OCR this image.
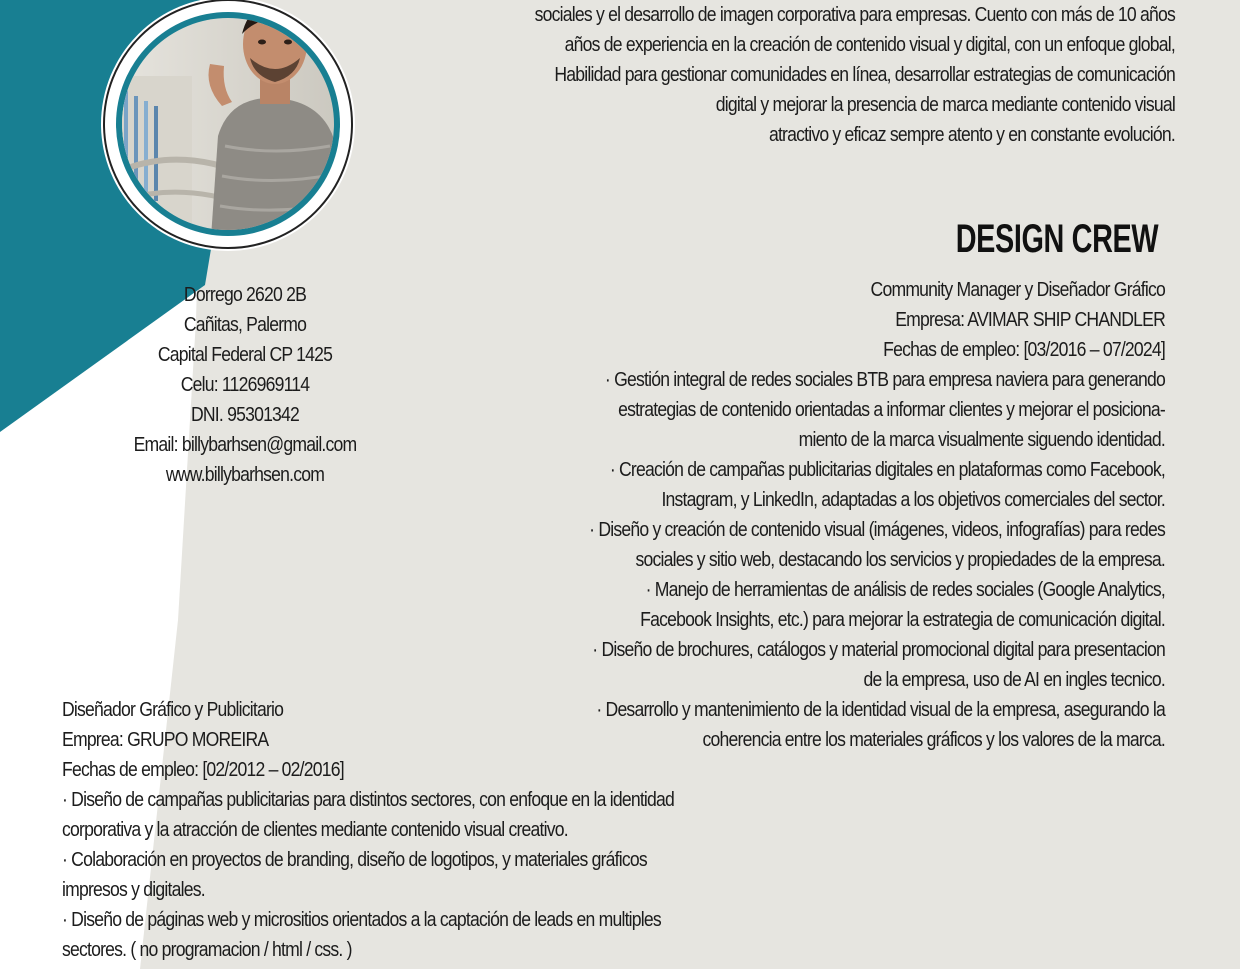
sociales y el desarrollo de imagen corporativa para empresas. Cuento con más de 10 años
años de experiencia en la creación de contenido visual y digital, con un enfoque global,
Habilidad para gestionar comunidades en línea, desarrollar estrategias de comunicación
digital y mejorar la presencia de marca mediante contenido visual
atractivo y eficaz sempre atento y en constante evolución.
DESIGN CREW
Community Manager y Diseñador Gráfico
Empresa: AVIMAR SHIP CHANDLER
Fechas de empleo: [03/2016 – 07/2024]
· Gestión integral de redes sociales BTB para empresa naviera para generando
estrategias de contenido orientadas a informar clientes y mejorar el posiciona-
miento de la marca visualmente siguendo identidad.
· Creación de campañas publicitarias digitales en plataformas como Facebook,
Instagram, y LinkedIn, adaptadas a los objetivos comerciales del sector.
· Diseño y creación de contenido visual (imágenes, videos, infografías) para redes
sociales y sitio web, destacando los servicios y propiedades de la empresa.
· Manejo de herramientas de análisis de redes sociales (Google Analytics,
Facebook Insights, etc.) para mejorar la estrategia de comunicación digital.
· Diseño de brochures, catálogos y material promocional digital para presentacion
de la empresa, uso de AI en ingles tecnico.
· Desarrollo y mantenimiento de la identidad visual de la empresa, asegurando la
coherencia entre los materiales gráficos y los valores de la marca.
Dorrego 2620 2B
Cañitas, Palermo
Capital Federal CP 1425
Celu: 1126969114
DNI. 95301342
Email: billybarhsen@gmail.com
www.billybarhsen.com
Diseñador Gráfico y Publicitario
Emprea: GRUPO MOREIRA
Fechas de empleo: [02/2012 – 02/2016]
· Diseño de campañas publicitarias para distintos sectores, con enfoque en la identidad
corporativa y la atracción de clientes mediante contenido visual creativo.
· Colaboración en proyectos de branding, diseño de logotipos, y materiales gráficos
impresos y digitales.
· Diseño de páginas web y micrositios orientados a la captación de leads en multiples
sectores. ( no programacion / html / css. )
